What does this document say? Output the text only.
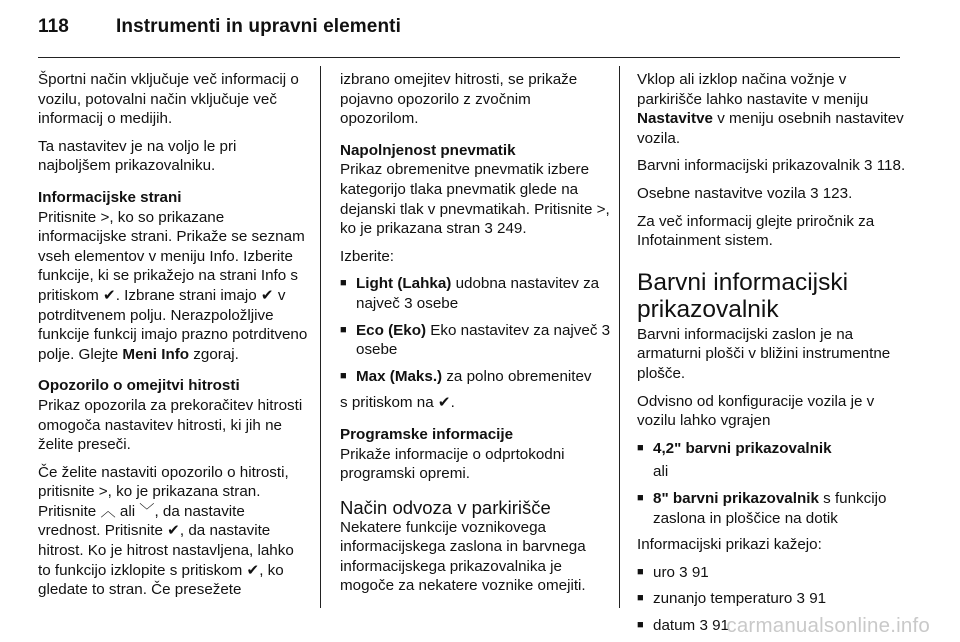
118 Instrumenti in upravni elementi

Športni način vključuje več informacij o vozilu, potovalni način vključuje več informacij o medijih.

Ta nastavitev je na voljo le pri najboljšem prikazovalniku.

Informacijske strani
Pritisnite >, ko so prikazane informacijske strani. Prikaže se seznam vseh elementov v meniju Info. Izberite funkcije, ki se prikažejo na strani Info s pritiskom ✔. Izbrane strani imajo ✔ v potrditvenem polju. Nerazpoložljive funkcije funkcij imajo prazno potrditveno polje. Glejte Meni Info zgoraj.

Opozorilo o omejitvi hitrosti
Prikaz opozorila za prekoračitev hitrosti omogoča nastavitev hitrosti, ki jih ne želite preseči.

Če želite nastaviti opozorilo o hitrosti, pritisnite >, ko je prikazana stran. Pritisnite ︿ ali ﹀, da nastavite vrednost. Pritisnite ✔, da nastavite hitrost. Ko je hitrost nastavljena, lahko to funkcijo izklopite s pritiskom ✔, ko gledate to stran. Če presežete

izbrano omejitev hitrosti, se prikaže pojavno opozorilo z zvočnim opozorilom.

Napolnjenost pnevmatik
Prikaz obremenitve pnevmatik izbere kategorijo tlaka pnevmatik glede na dejanski tlak v pnevmatikah. Pritisnite >, ko je prikazana stran 3 249.

Izberite:

■ Light (Lahka) udobna nastavitev za največ 3 osebe
■ Eco (Eko) Eko nastavitev za največ 3 osebe
■ Max (Maks.) za polno obremenitev

s pritiskom na ✔.

Programske informacije
Prikaže informacije o odprtokodni programski opremi.

Način odvoza v parkirišče

Nekatere funkcije voznikovega informacijskega zaslona in barvnega informacijskega prikazovalnika je mogoče za nekatere voznike omejiti.

Vklop ali izklop načina vožnje v parkirišče lahko nastavite v meniju Nastavitve v meniju osebnih nastavitev vozila.

Barvni informacijski prikazovalnik 3 118.

Osebne nastavitve vozila 3 123.

Za več informacij glejte priročnik za Infotainment sistem.

Barvni informacijski prikazovalnik

Barvni informacijski zaslon je na armaturni plošči v bližini instrumentne plošče.

Odvisno od konfiguracije vozila je v vozilu lahko vgrajen

■ 4,2" barvni prikazovalnik
ali
■ 8" barvni prikazovalnik s funkcijo zaslona in ploščice na dotik

Informacijski prikazi kažejo:

■ uro 3 91
■ zunanjo temperaturo 3 91
■ datum 3 91
carmanualsonline.info
